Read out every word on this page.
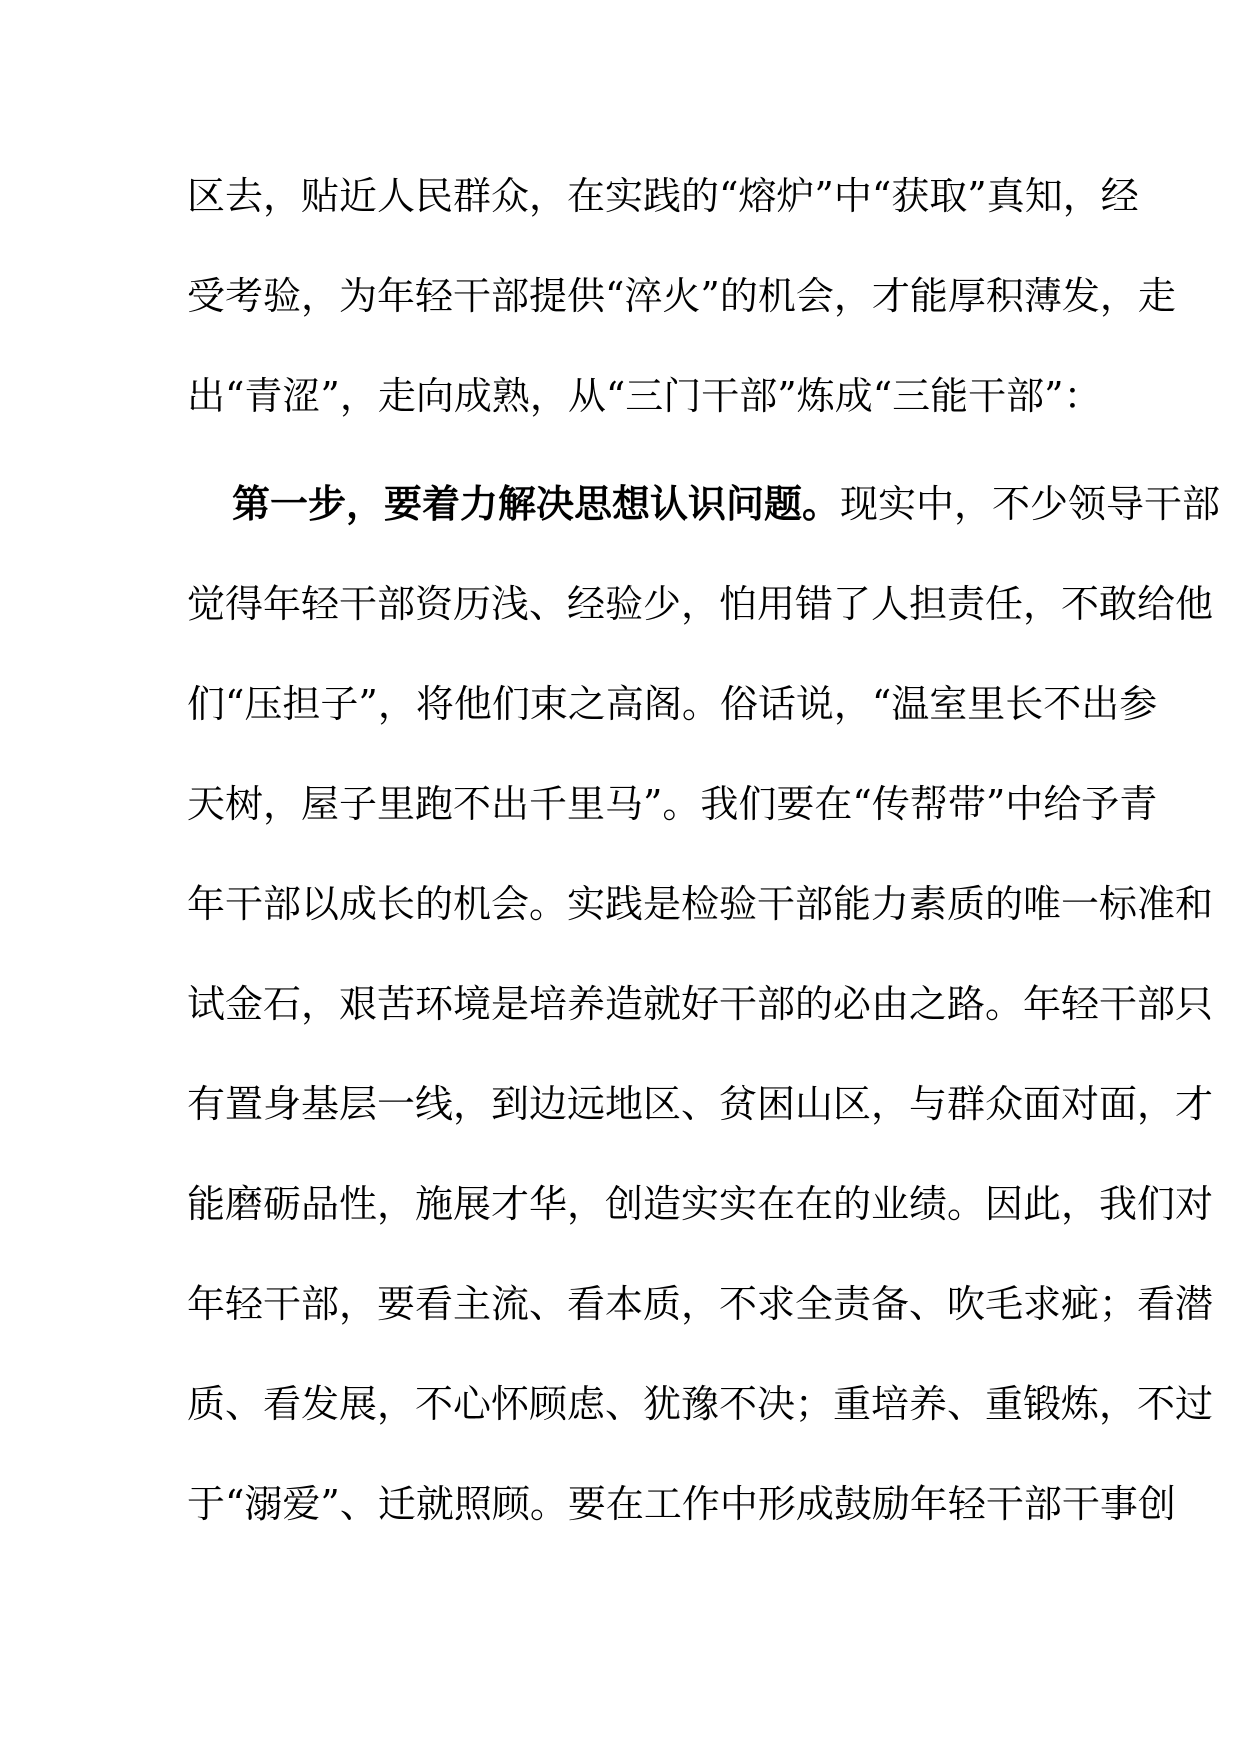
区去，贴近人民群众，在实践的“熔炉”中“获取”真知，经
受考验，为年轻干部提供“淬火”的机会，才能厚积薄发，走
出“青涩”，走向成熟，从“三门干部”炼成“三能干部”：
第一步，要着力解决思想认识问题。现实中，不少领导干部
觉得年轻干部资历浅、经验少，怕用错了人担责任，不敢给他
们“压担子”，将他们束之高阁。俗话说，“温室里长不出参
天树，屋子里跑不出千里马”。我们要在“传帮带”中给予青
年干部以成长的机会。实践是检验干部能力素质的唯一标准和
试金石，艰苦环境是培养造就好干部的必由之路。年轻干部只
有置身基层一线，到边远地区、贫困山区，与群众面对面，才
能磨砺品性，施展才华，创造实实在在的业绩。因此，我们对
年轻干部，要看主流、看本质，不求全责备、吹毛求疵；看潜
质、看发展，不心怀顾虑、犹豫不决；重培养、重锻炼，不过
于“溺爱”、迁就照顾。要在工作中形成鼓励年轻干部干事创
